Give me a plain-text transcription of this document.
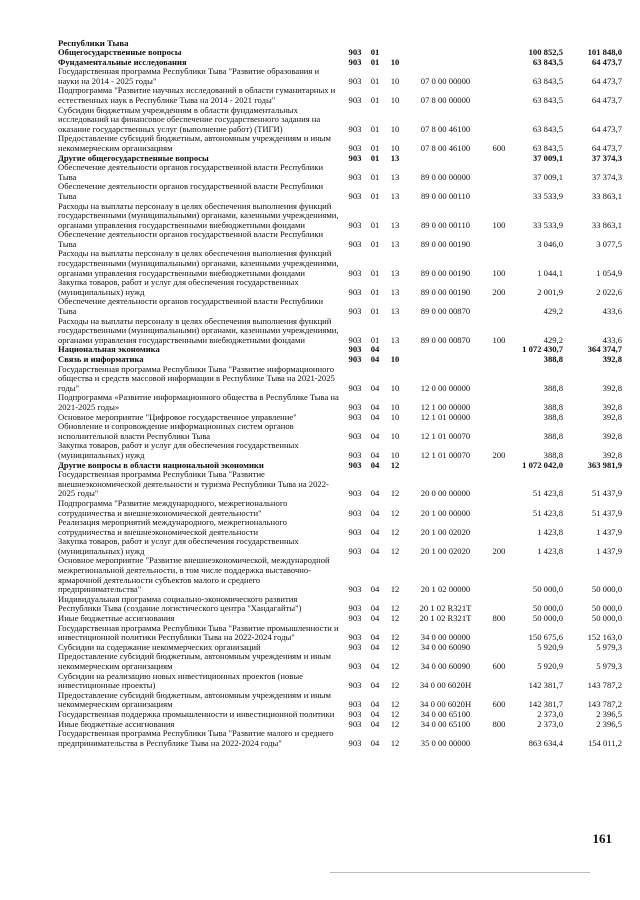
Республики Тыва
Общегосударственные вопросы	903	01				100 852,5	101 848,0
Фундаментальные исследования	903	01	10			63 843,5	64 473,7
Государственная программа Республики Тыва "Развитие образования и науки на 2014 - 2025 годы"	903	01	10	07 0 00 00000		63 843,5	64 473,7
Подпрограмма "Развитие научных исследований в области гуманитарных и естественных наук в Республике Тыва на 2014 - 2021 годы"	903	01	10	07 8 00 00000		63 843,5	64 473,7
Субсидии бюджетным учреждениям в области фундаментальных исследований на финансовое обеспечение государственного задания на оказание государственных услуг (выполнение работ) (ТИГИ)	903	01	10	07 8 00 46100		63 843,5	64 473,7
Предоставление субсидий бюджетным, автономным учреждениям и иным некоммерческим организациям	903	01	10	07 8 00 46100	600	63 843,5	64 473,7
Другие общегосударственные вопросы	903	01	13			37 009,1	37 374,3
Обеспечение деятельности органов государственной власти Республики Тыва	903	01	13	89 0 00 00000		37 009,1	37 374,3
Обеспечение деятельности органов государственной власти Республики Тыва	903	01	13	89 0 00 00110		33 533,9	33 863,1
Расходы на выплаты персоналу в целях обеспечения выполнения функций государственными (муниципальными) органами, казенными учреждениями, органами управления государственными внебюджетными фондами	903	01	13	89 0 00 00110	100	33 533,9	33 863,1
Обеспечение деятельности органов государственной власти Республики Тыва	903	01	13	89 0 00 00190		3 046,0	3 077,5
Расходы на выплаты персоналу в целях обеспечения выполнения функций государственными (муниципальными) органами, казенными учреждениями, органами управления государственными внебюджетными фондами	903	01	13	89 0 00 00190	100	1 044,1	1 054,9
Закупка товаров, работ и услуг для обеспечения государственных (муниципальных) нужд	903	01	13	89 0 00 00190	200	2 001,9	2 022,6
Обеспечение деятельности органов государственной власти Республики Тыва	903	01	13	89 0 00 00870		429,2	433,6
Расходы на выплаты персоналу в целях обеспечения выполнения функций государственными (муниципальными) органами, казенными учреждениями, органами управления государственными внебюджетными фондами	903	01	13	89 0 00 00870	100	429,2	433,6
Национальная экономика	903	04				1 072 430,7	364 374,7
Связь и информатика	903	04	10			388,8	392,8
Государственная программа Республики Тыва "Развитие информационного общества и средств массовой информации в Республике Тыва на 2021-2025 годы"	903	04	10	12 0 00 00000		388,8	392,8
Подпрограмма «Развитие информационного общества в Республике Тыва на 2021-2025 годы»	903	04	10	12 1 00 00000		388,8	392,8
Основное мероприятие "Цифровое государственное управление"	903	04	10	12 1 01 00000		388,8	392,8
Обновление и сопровождение информационных систем органов исполнительной власти Республики Тыва	903	04	10	12 1 01 00070		388,8	392,8
Закупка товаров, работ и услуг для обеспечения государственных (муниципальных) нужд	903	04	10	12 1 01 00070	200	388,8	392,8
Другие вопросы в области национальной экономики	903	04	12			1 072 042,0	363 981,9
Государственная программа Республики Тыва "Развитие внешнеэкономической деятельности и туризма Республики Тыва на 2022-2025 годы"	903	04	12	20 0 00 00000		51 423,8	51 437,9
Подпрограмма "Развитие международного, межрегионального сотрудничества и внешнеэкономической деятельности"	903	04	12	20 1 00 00000		51 423,8	51 437,9
Реализация мероприятий международного, межрегионального сотрудничества и внешнеэкономической деятельности	903	04	12	20 1 00 02020		1 423,8	1 437,9
Закупка товаров, работ и услуг для обеспечения государственных (муниципальных) нужд	903	04	12	20 1 00 02020	200	1 423,8	1 437,9
Основное мероприятие "Развитие внешнеэкономической, международной межрегиональной деятельности, в том числе поддержка выставочно-ярмарочной деятельности субъектов малого и среднего предпринимательства"	903	04	12	20 1 02 00000		50 000,0	50 000,0
Индивидуальная программа социально-экономического развития Республики Тыва (создание логистического центра "Хандагайты")	903	04	12	20 1 02 R321T		50 000,0	50 000,0
Иные бюджетные ассигнования	903	04	12	20 1 02 R321T	800	50 000,0	50 000,0
Государственная программа Республики Тыва "Развитие промышленности и инвестиционной политики Республики Тыва на 2022-2024 годы"	903	04	12	34 0 00 00000		150 675,6	152 163,0
Субсидии на содержание некоммерческих организаций	903	04	12	34 0 00 60090		5 920,9	5 979,3
Предоставление субсидий бюджетным, автономным учреждениям и иным некоммерческим организациям	903	04	12	34 0 00 60090	600	5 920,9	5 979,3
Субсидии на реализацию новых инвестиционных проектов (новые инвестиционные проекты)	903	04	12	34 0 00 6020Н		142 381,7	143 787,2
Предоставление субсидий бюджетным, автономным учреждениям и иным некоммерческим организациям	903	04	12	34 0 00 6020Н	600	142 381,7	143 787,2
Государственная поддержка промышленности и инвестиционной политики	903	04	12	34 0 00 65100		2 373,0	2 396,5
Иные бюджетные ассигнования	903	04	12	34 0 00 65100	800	2 373,0	2 396,5
Государственная программа Республики Тыва "Развитие малого и среднего предпринимательства в Республике Тыва на 2022-2024 годы"	903	04	12	35 0 00 00000		863 634,4	154 011,2
161
